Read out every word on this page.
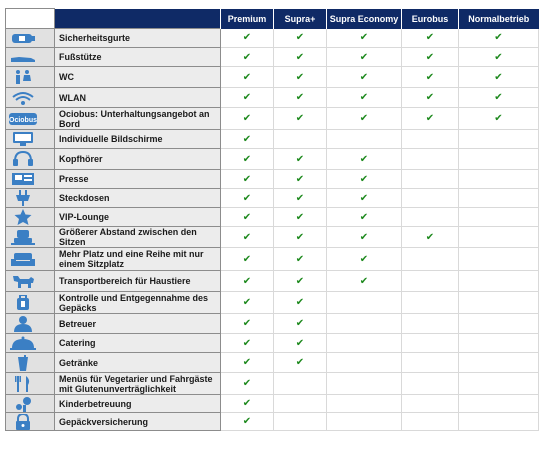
		Premium	Supra+	Supra Economy	Eurobus	Normalbetrieb

	Sicherheitsgurte	✔	✔	✔	✔	✔

	Fußstütze	✔	✔	✔	✔	✔

	WC	✔	✔	✔	✔	✔

	WLAN	✔	✔	✔	✔	✔

Ociobus	Ociobus: Unterhaltungsangebot an Bord	✔	✔	✔	✔	✔

	Individuelle Bildschirme	✔				

	Kopfhörer	✔	✔	✔		

	Presse	✔	✔	✔		

	Steckdosen	✔	✔	✔		

	VIP-Lounge	✔	✔	✔		

	Größerer Abstand zwischen den Sitzen	✔	✔	✔	✔	

	Mehr Platz und eine Reihe mit nur einem Sitzplatz	✔	✔	✔		

	Transportbereich für Haustiere	✔	✔	✔		

	Kontrolle und Entgegennahme des Gepäcks	✔	✔			

	Betreuer	✔	✔			

	Catering	✔	✔			

	Getränke	✔	✔			

	Menüs für Vegetarier und Fahrgäste mit Glutenunverträglichkeit	✔				

	Kinderbetreuung	✔				

	Gepäckversicherung	✔				
